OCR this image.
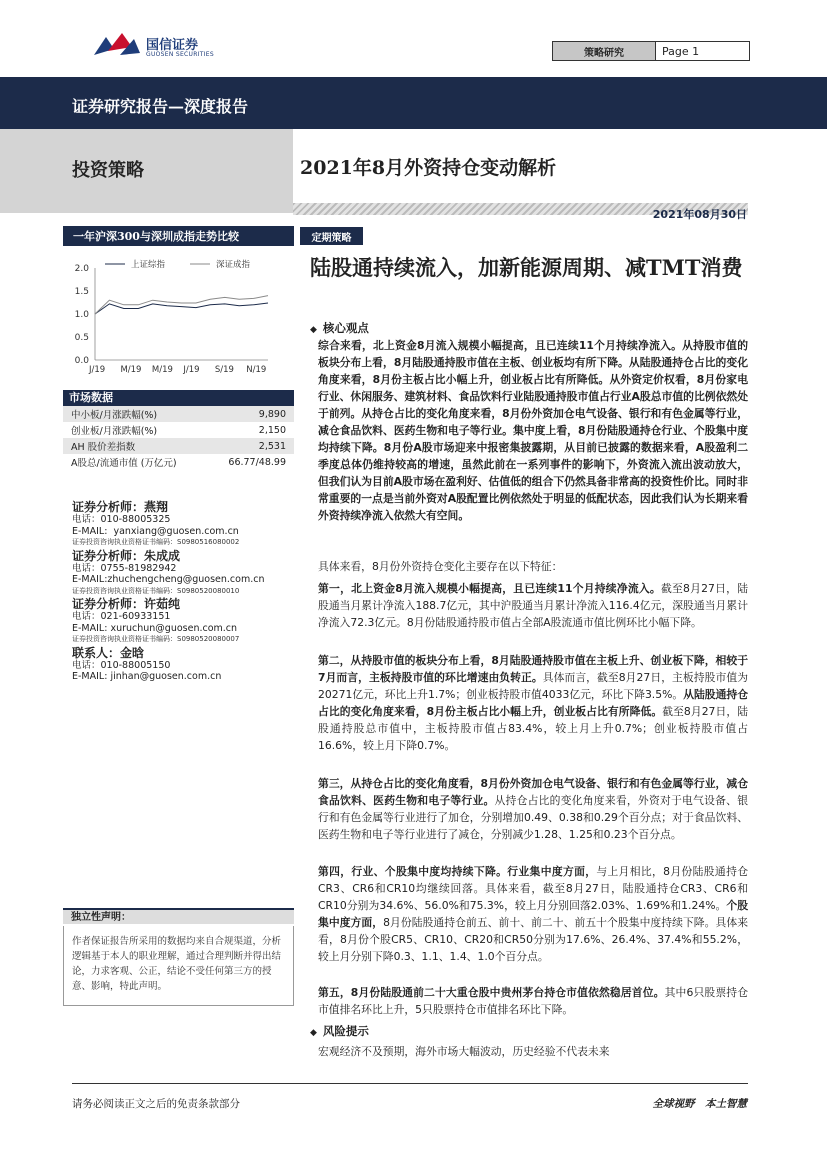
国信证券
GUOSEN SECURITIES	策略研究	Page 1
证券研究报告—深度报告
投资策略	2021年8月外资持仓变动解析
2021年08月30日
一年沪深300与深圳成指走势比较
2.0
1.5
1.0
0.5
0.0
J/19 M/19 M/19 J/19 S/19 N/19
上证综指	深证成指
市场数据
中小板/月涨跌幅(%)	9,890
创业板/月涨跌幅(%)	2,150
AH 股价差指数	2,531
A股总/流通市值 (万亿元)	66.77/48.99
证券分析师：燕翔
电话：010-88005325
E-MAIL:  yanxiang@guosen.com.cn
证券投资咨询执业资格证书编码：S0980516080002
证券分析师：朱成成
电话：0755-81982942
E-MAIL:zhuchengcheng@guosen.com.cn
证券投资咨询执业资格证书编码：S0980520080010
证券分析师：许茹纯
电话：021-60933151
E-MAIL: xuruchun@guosen.com.cn
证券投资咨询执业资格证书编码：S0980520080007
联系人：金晗
电话：010-88005150
E-MAIL: jinhan@guosen.com.cn
独立性声明：
作者保证报告所采用的数据均来自合规渠道，分析逻辑基于本人的职业理解，通过合理判断并得出结论，力求客观、公正，结论不受任何第三方的授意、影响，特此声明。
定期策略
陆股通持续流入，加新能源周期、减TMT消费
◆ 核心观点
综合来看，北上资金8月流入规模小幅提高，且已连续11个月持续净流入。从持股市值的板块分布上看，8月陆股通持股市值在主板、创业板均有所下降。从陆股通持仓占比的变化角度来看，8月份主板占比小幅上升，创业板占比有所降低。从外资定价权看，8月份家电行业、休闲服务、建筑材料、食品饮料行业陆股通持股市值占行业A股总市值的比例依然处于前列。从持仓占比的变化角度来看，8月份外资加仓电气设备、银行和有色金属等行业，减仓食品饮料、医药生物和电子等行业。集中度上看，8月份陆股通持仓行业、个股集中度均持续下降。8月份A股市场迎来中报密集披露期，从目前已披露的数据来看，A股盈利二季度总体仍维持较高的增速，虽然此前在一系列事件的影响下，外资流入流出波动放大，但我们认为目前A股市场在盈利好、估值低的组合下仍然具备非常高的投资性价比。同时非常重要的一点是当前外资对A股配置比例依然处于明显的低配状态，因此我们认为长期来看外资持续净流入依然大有空间。
具体来看，8月份外资持仓变化主要存在以下特征：
第一，北上资金8月流入规模小幅提高，且已连续11个月持续净流入。截至8月27日，陆股通当月累计净流入188.7亿元，其中沪股通当月累计净流入116.4亿元，深股通当月累计净流入72.3亿元。8月份陆股通持股市值占全部A股流通市值比例环比小幅下降。
第二，从持股市值的板块分布上看，8月陆股通持股市值在主板上升、创业板下降，相较于7月而言，主板持股市值的环比增速由负转正。具体而言，截至8月27日，主板持股市值为20271亿元，环比上升1.7%；创业板持股市值4033亿元，环比下降3.5%。从陆股通持仓占比的变化角度来看，8月份主板占比小幅上升，创业板占比有所降低。截至8月27日，陆股通持股总市值中，主板持股市值占83.4%，较上月上升0.7%；创业板持股市值占16.6%，较上月下降0.7%。
第三，从持仓占比的变化角度看，8月份外资加仓电气设备、银行和有色金属等行业，减仓食品饮料、医药生物和电子等行业。从持仓占比的变化角度来看，外资对于电气设备、银行和有色金属等行业进行了加仓，分别增加0.49、0.38和0.29个百分点；对于食品饮料、医药生物和电子等行业进行了减仓，分别减少1.28、1.25和0.23个百分点。
第四，行业、个股集中度均持续下降。行业集中度方面，与上月相比，8月份陆股通持仓CR3、CR6和CR10均继续回落。具体来看，截至8月27日，陆股通持仓CR3、CR6和CR10分别为34.6%、56.0%和75.3%，较上月分别回落2.03%、1.69%和1.24%。个股集中度方面，8月份陆股通持仓前五、前十、前二十、前五十个股集中度持续下降。具体来看，8月份个股CR5、CR10、CR20和CR50分别为17.6%、26.4%、37.4%和55.2%，较上月分别下降0.3、1.1、1.4、1.0个百分点。
第五，8月份陆股通前二十大重仓股中贵州茅台持仓市值依然稳居首位。其中6只股票持仓市值排名环比上升，5只股票持仓市值排名环比下降。
◆ 风险提示
宏观经济不及预期，海外市场大幅波动，历史经验不代表未来
请务必阅读正文之后的免责条款部分	全球视野　本土智慧
